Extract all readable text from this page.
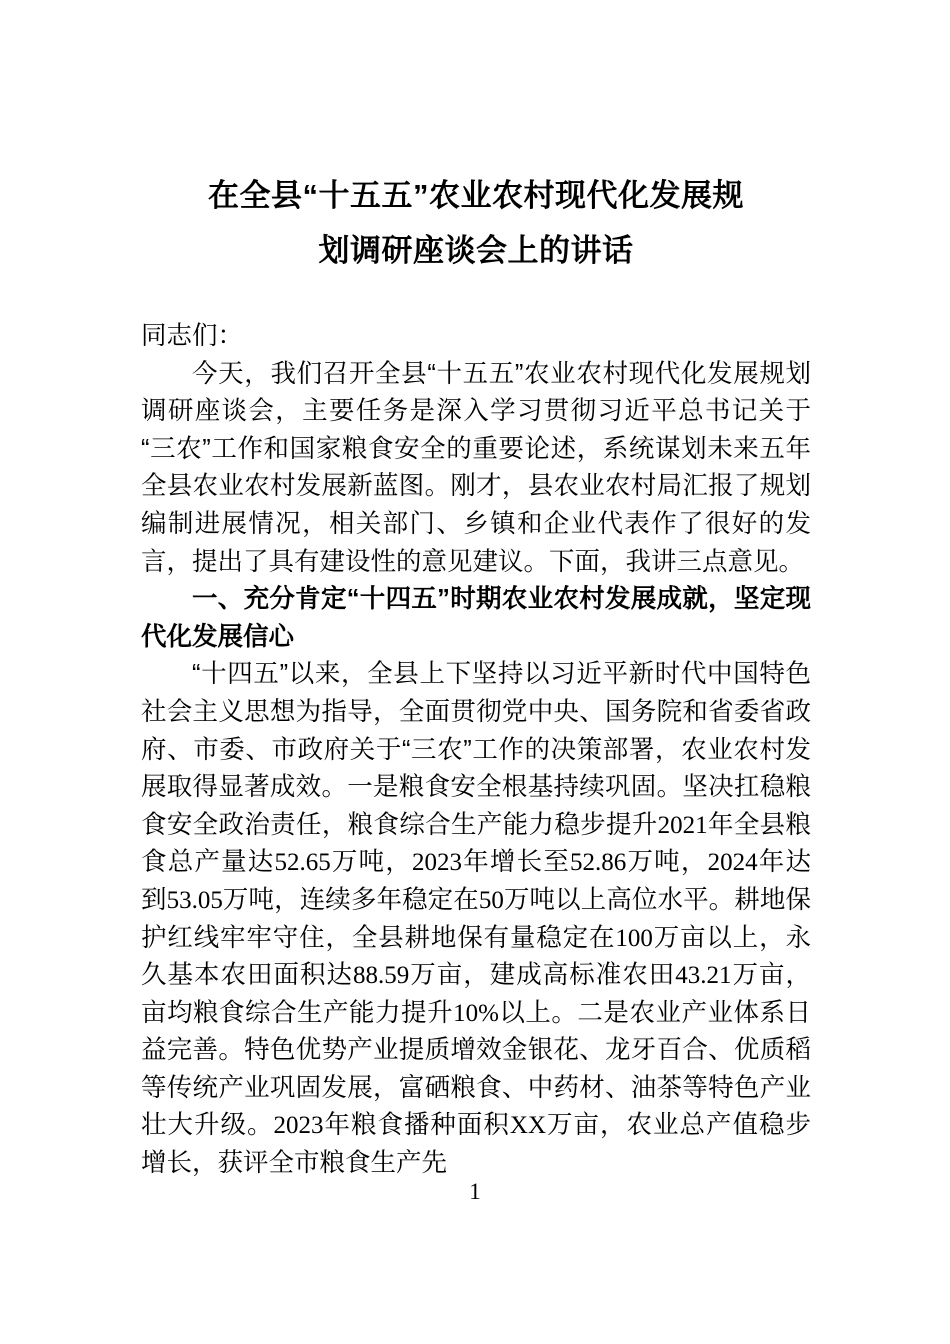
在全县“十五五”农业农村现代化发展规
划调研座谈会上的讲话

同志们：

今天，我们召开全县“十五五”农业农村现代化发展规划调研座谈会，主要任务是深入学习贯彻习近平总书记关于“三农”工作和国家粮食安全的重要论述，系统谋划未来五年全县农业农村发展新蓝图。刚才，县农业农村局汇报了规划编制进展情况，相关部门、乡镇和企业代表作了很好的发言，提出了具有建设性的意见建议。下面，我讲三点意见。

一、充分肯定“十四五”时期农业农村发展成就，坚定现代化发展信心

“十四五”以来，全县上下坚持以习近平新时代中国特色社会主义思想为指导，全面贯彻党中央、国务院和省委省政府、市委、市政府关于“三农”工作的决策部署，农业农村发展取得显著成效。一是粮食安全根基持续巩固。坚决扛稳粮食安全政治责任，粮食综合生产能力稳步提升2021年全县粮食总产量达52.65万吨，2023年增长至52.86万吨，2024年达到53.05万吨，连续多年稳定在50万吨以上高位水平。耕地保护红线牢牢守住，全县耕地保有量稳定在100万亩以上，永久基本农田面积达88.59万亩，建成高标准农田43.21万亩，亩均粮食综合生产能力提升10%以上。二是农业产业体系日益完善。特色优势产业提质增效金银花、龙牙百合、优质稻等传统产业巩固发展，富硒粮食、中药材、油茶等特色产业壮大升级。2023年粮食播种面积XX万亩，农业总产值稳步增长，获评全市粮食生产先

1
